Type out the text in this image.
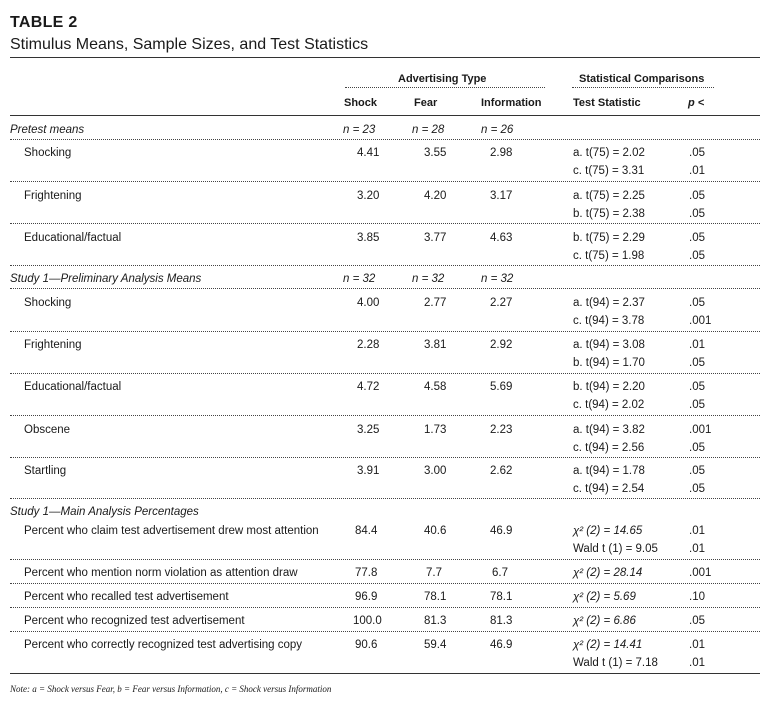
TABLE 2
Stimulus Means, Sample Sizes, and Test Statistics
Advertising Type	Statistical Comparisons
Shock	Fear	Information	Test Statistic	p <
Pretest means	n = 23	n = 28	n = 26
Shocking	4.41	3.55	2.98	a. t(75) = 2.02	.05
c. t(75) = 3.31	.01
Frightening	3.20	4.20	3.17	a. t(75) = 2.25	.05
b. t(75) = 2.38	.05
Educational/factual	3.85	3.77	4.63	b. t(75) = 2.29	.05
c. t(75) = 1.98	.05
Study 1—Preliminary Analysis Means	n = 32	n = 32	n = 32
Shocking	4.00	2.77	2.27	a. t(94) = 2.37	.05
c. t(94) = 3.78	.001
Frightening	2.28	3.81	2.92	a. t(94) = 3.08	.01
b. t(94) = 1.70	.05
Educational/factual	4.72	4.58	5.69	b. t(94) = 2.20	.05
c. t(94) = 2.02	.05
Obscene	3.25	1.73	2.23	a. t(94) = 3.82	.001
c. t(94) = 2.56	.05
Startling	3.91	3.00	2.62	a. t(94) = 1.78	.05
c. t(94) = 2.54	.05
Study 1—Main Analysis Percentages
Percent who claim test advertisement drew most attention	84.4	40.6	46.9	χ² (2) = 14.65	.01
Wald t (1) = 9.05	.01
Percent who mention norm violation as attention draw	77.8	7.7	6.7	χ² (2) = 28.14	.001
Percent who recalled test advertisement	96.9	78.1	78.1	χ² (2) = 5.69	.10
Percent who recognized test advertisement	100.0	81.3	81.3	χ² (2) = 6.86	.05
Percent who correctly recognized test advertising copy	90.6	59.4	46.9	χ² (2) = 14.41	.01
Wald t (1) = 7.18	.01
Note: a = Shock versus Fear, b = Fear versus Information, c = Shock versus Information
